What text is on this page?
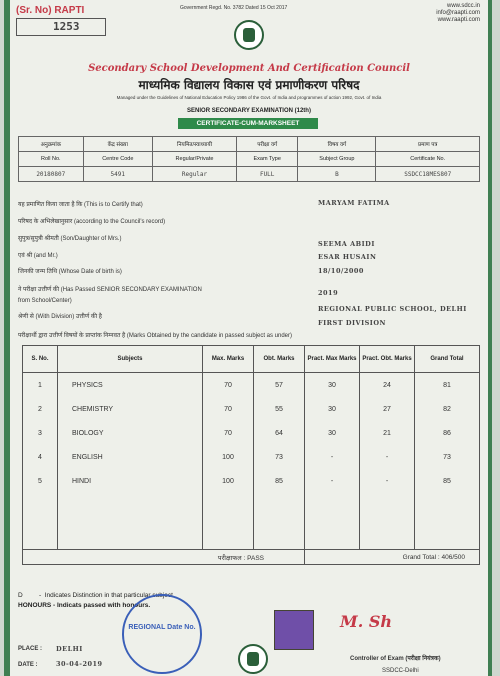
(Sr. No) RAPTI
1253
Government Regd. No. 3782 Dated 15 Oct 2017	www.sdcc.in
info@raapti.com
www.raapti.com
Secondary School Development And Certification Council
माध्यमिक विद्यालय विकास एवं प्रमाणीकरण परिषद
Managed under the Guidelines of National Education Policy 1986 of the Govt. of India and programmes of action 1992, Govt. of India
SENIOR SECONDARY EXAMINATION (12th)
CERTIFICATE-CUM-MARKSHEET
अनुक्रमांक	केंद्र संख्या	नियमित/स्वाध्यायी	परीक्षा वर्ग	विषय वर्ग	प्रमाण पत्र
Roll No.	Centre Code	Regular/Private	Exam Type	Subject Group	Certificate No.
20180807	5491	Regular	FULL	B	SSDCC18MES807
यह प्रमाणित किया जाता है कि (This is to Certify that)	MARYAM FATIMA
परिषद के अभिलेखानुसार (according to the Council's record)
सुपुत्र/सुपुत्री श्रीमती (Son/Daughter of Mrs.)
SEEMA ABIDI
एवं श्री (and Mr.)	ESAR HUSAIN
जिनकी जन्म तिथि (Whose Date of birth is)	18/10/2000
ने परीक्षा उत्तीर्ण की (Has Passed SENIOR SECONDARY EXAMINATION	2019
from School/Center)
REGIONAL PUBLIC SCHOOL, DELHI
श्रेणी से (With Division) उत्तीर्ण की है
FIRST DIVISION
परीक्षार्थी द्वारा उत्तीर्ण विषयों के प्राप्तांक निम्नवत है (Marks Obtained by the candidate in passed subject as under)
S. No.	Subjects	Max. Marks	Obt. Marks	Pract. Max Marks	Pract. Obt. Marks	Grand Total
1	PHYSICS	70	57	30	24	81
2	CHEMISTRY	70	55	30	27	82
3	BIOLOGY	70	64	30	21	86
4	ENGLISH	100	73	-	-	73
5	HINDI	100	85	-	-	85

परीक्षाफल : PASS				Grand Total : 406/500		
D         -  Indicates Distinction in that particular subject
HONOURS - Indicats passed with honours.
REGIONAL Date No.
PLACE : DELHI
DATE :	30-04-2019
M. Sh
Controller of Exam (परीक्षा नियंत्रक)
SSDCC-Delhi
